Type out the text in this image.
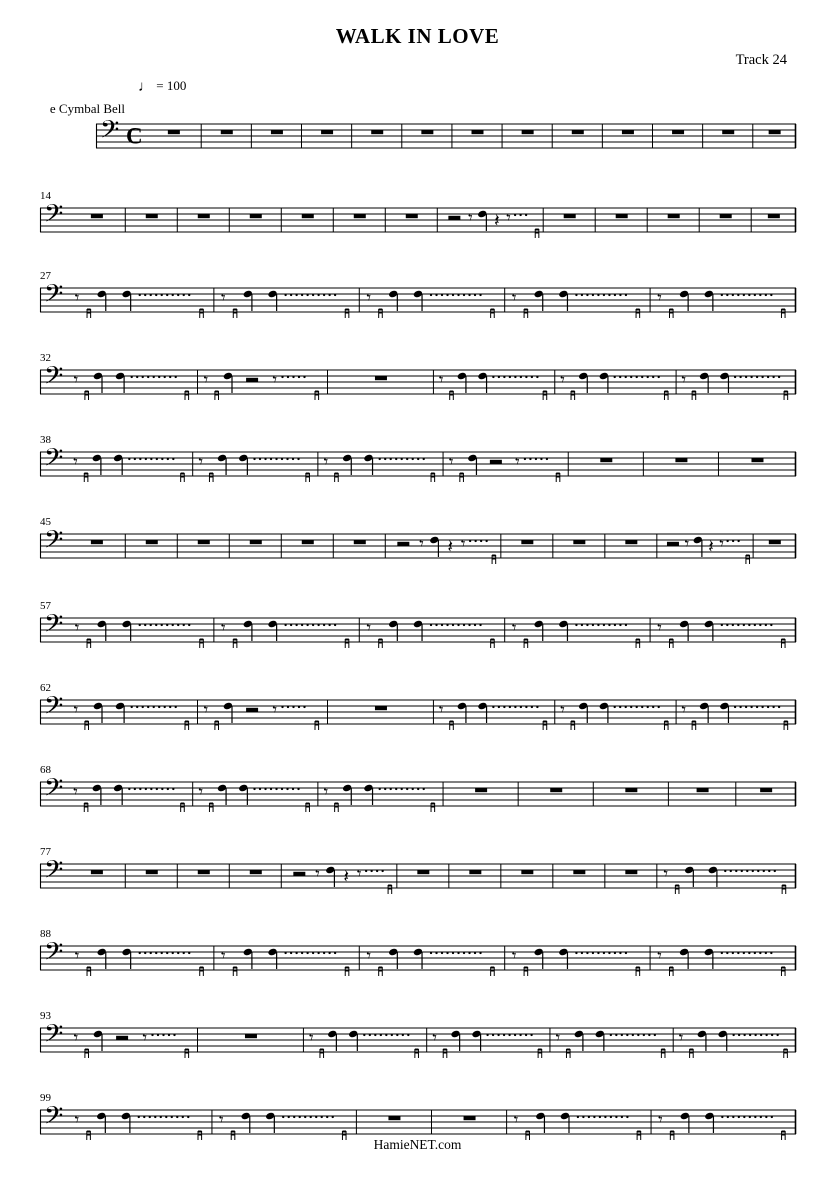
WALK IN LOVE
Track 24
♩ = 100
e Cymbal Bell
𝄢 C
𝄢	𝄾 𝄽 𝄾
14
𝄢 𝄾	𝄾	𝄾	𝄾	𝄾
27
𝄢 𝄾	𝄾	𝄾	𝄾	𝄾	𝄾
32
𝄢 𝄾	𝄾	𝄾	𝄾	𝄾
38
𝄢	𝄾 𝄽 𝄾	𝄾 𝄽 𝄾
45
𝄢 𝄾	𝄾	𝄾	𝄾	𝄾
57
𝄢 𝄾	𝄾	𝄾	𝄾	𝄾	𝄾
62
𝄢 𝄾	𝄾	𝄾
68
𝄢	𝄾 𝄽 𝄾	𝄾
77
𝄢 𝄾	𝄾	𝄾	𝄾	𝄾
88
𝄢 𝄾	𝄾	𝄾	𝄾	𝄾	𝄾
93
𝄢 𝄾	𝄾	𝄾	𝄾
99
HamieNET.com
